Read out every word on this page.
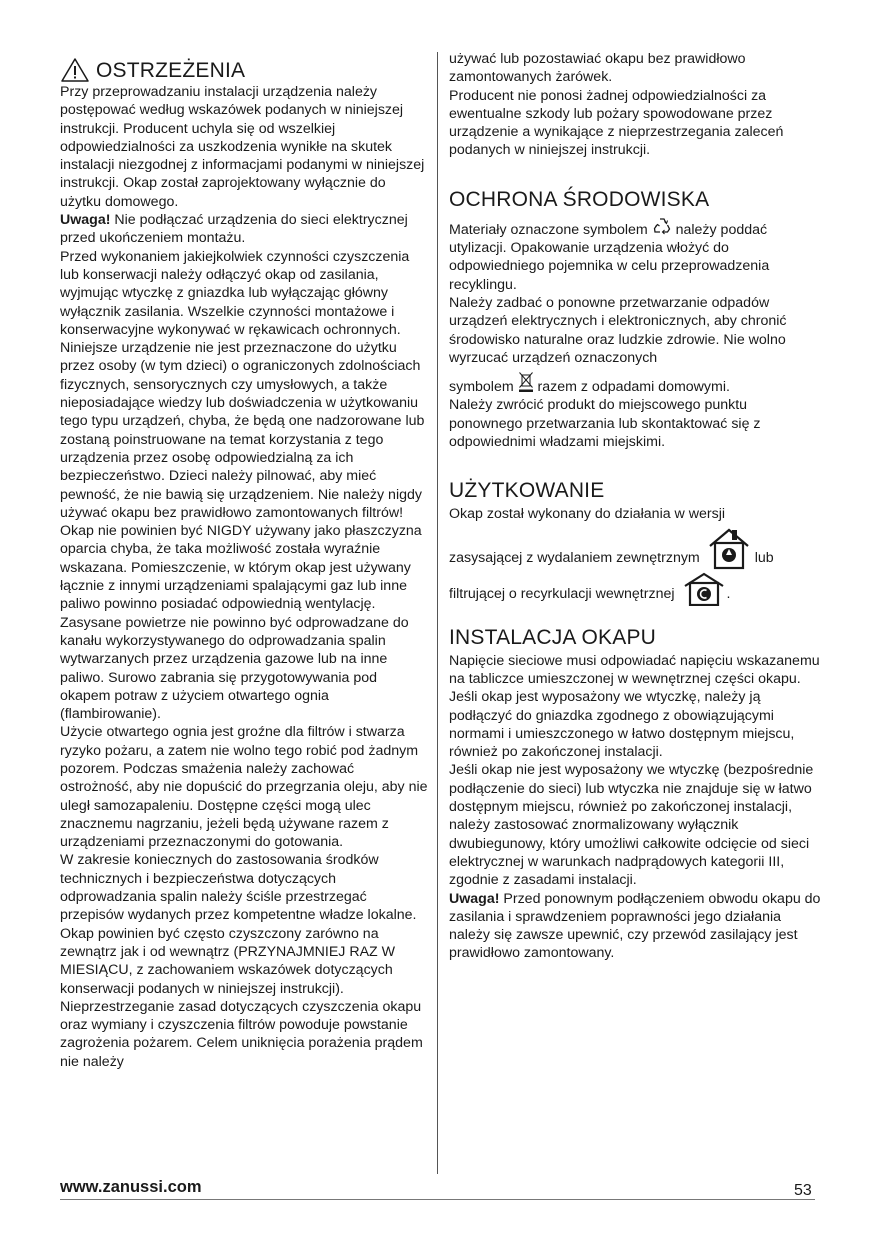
OSTRZEŻENIA

Przy przeprowadzaniu instalacji urządzenia należy postępować według wskazówek podanych w niniejszej instrukcji. Producent uchyla się od wszelkiej odpowiedzialności za uszkodzenia wynikłe na skutek instalacji niezgodnej z informacjami podanymi w niniejszej instrukcji. Okap został zaprojektowany wyłącznie do użytku domowego.

Uwaga! Nie podłączać urządzenia do sieci elektrycznej przed ukończeniem montażu.

Przed wykonaniem jakiejkolwiek czynności czyszczenia lub konserwacji należy odłączyć okap od zasilania, wyjmując wtyczkę z gniazdka lub wyłączając główny wyłącznik zasilania. Wszelkie czynności montażowe i konserwacyjne wykonywać w rękawicach ochronnych. Niniejsze urządzenie nie jest przeznaczone do użytku przez osoby (w tym dzieci) o ograniczonych zdolnościach fizycznych, sensorycznych czy umysłowych, a także nieposiadające wiedzy lub doświadczenia w użytkowaniu tego typu urządzeń, chyba, że będą one nadzorowane lub zostaną poinstruowane na temat korzystania z tego urządzenia przez osobę odpowiedzialną za ich bezpieczeństwo. Dzieci należy pilnować, aby mieć pewność, że nie bawią się urządzeniem. Nie należy nigdy używać okapu bez prawidłowo zamontowanych filtrów! Okap nie powinien być NIGDY używany jako płaszczyzna oparcia chyba, że taka możliwość została wyraźnie wskazana. Pomieszczenie, w którym okap jest używany łącznie z innymi urządzeniami spalającymi gaz lub inne paliwo powinno posiadać odpowiednią wentylację. Zasysane powietrze nie powinno być odprowadzane do kanału wykorzystywanego do odprowadzania spalin wytwarzanych przez urządzenia gazowe lub na inne paliwo. Surowo zabrania się przygotowywania pod okapem potraw z użyciem otwartego ognia (flambirowanie).

Użycie otwartego ognia jest groźne dla filtrów i stwarza ryzyko pożaru, a zatem nie wolno tego robić pod żadnym pozorem. Podczas smażenia należy zachować ostrożność, aby nie dopuścić do przegrzania oleju, aby nie uległ samozapaleniu. Dostępne części mogą ulec znacznemu nagrzaniu, jeżeli będą używane razem z urządzeniami przeznaczonymi do gotowania.

W zakresie koniecznych do zastosowania środków technicznych i bezpieczeństwa dotyczących odprowadzania spalin należy ściśle przestrzegać przepisów wydanych przez kompetentne władze lokalne.

Okap powinien być często czyszczony zarówno na zewnątrz jak i od wewnątrz (PRZYNAJMNIEJ RAZ W MIESIĄCU, z zachowaniem wskazówek dotyczących konserwacji podanych w niniejszej instrukcji). Nieprzestrzeganie zasad dotyczących czyszczenia okapu oraz wymiany i czyszczenia filtrów powoduje powstanie zagrożenia pożarem. Celem uniknięcia porażenia prądem nie należy

używać lub pozostawiać okapu bez prawidłowo zamontowanych żarówek.

Producent nie ponosi żadnej odpowiedzialności za ewentualne szkody lub pożary spowodowane przez urządzenie a wynikające z nieprzestrzegania zaleceń podanych w niniejszej instrukcji.

OCHRONA ŚRODOWISKA

Materiały oznaczone symbolem  należy poddać utylizacji. Opakowanie urządzenia włożyć do odpowiedniego pojemnika w celu przeprowadzenia recyklingu.

Należy zadbać o ponowne przetwarzanie odpadów urządzeń elektrycznych i elektronicznych, aby chronić środowisko naturalne oraz ludzkie zdrowie. Nie wolno wyrzucać urządzeń oznaczonych

symbolem  razem z odpadami domowymi.

Należy zwrócić produkt do miejscowego punktu ponownego przetwarzania lub skontaktować się z odpowiednimi władzami miejskimi.

UŻYTKOWANIE

Okap został wykonany do działania w wersji

zasysającej z wydalaniem zewnętrznym	lub
filtrującej o recyrkulacji wewnętrznej	.
INSTALACJA OKAPU

Napięcie sieciowe musi odpowiadać napięciu wskazanemu na tabliczce umieszczonej w wewnętrznej części okapu. Jeśli okap jest wyposażony we wtyczkę, należy ją podłączyć do gniazdka zgodnego z obowiązującymi normami i umieszczonego w łatwo dostępnym miejscu, również po zakończonej instalacji.

Jeśli okap nie jest wyposażony we wtyczkę (bezpośrednie podłączenie do sieci) lub wtyczka nie znajduje się w łatwo dostępnym miejscu, również po zakończonej instalacji, należy zastosować znormalizowany wyłącznik dwubiegunowy, który umożliwi całkowite odcięcie od sieci elektrycznej w warunkach nadprądowych kategorii III, zgodnie z zasadami instalacji.

Uwaga! Przed ponownym podłączeniem obwodu okapu do zasilania i sprawdzeniem poprawności jego działania należy się zawsze upewnić, czy przewód zasilający jest prawidłowo zamontowany.

www.zanussi.com	53
